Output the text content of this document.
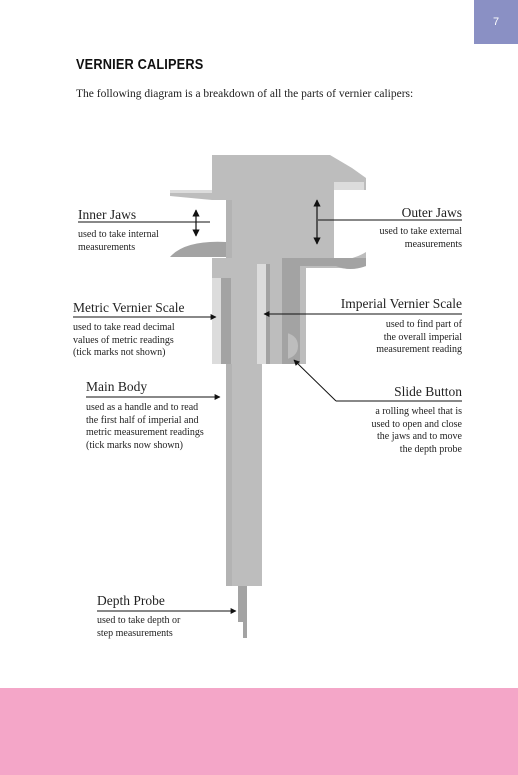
7
VERNIER CALIPERS
The following diagram is a breakdown of all the parts of vernier calipers:
Inner Jaws
used to take internal
measurements
Outer Jaws
used to take external
measurements
Metric Vernier Scale
used to take read decimal
values of metric readings
(tick marks not shown)
Imperial Vernier Scale
used to find part of
the overall imperial
measurement reading
Main Body
used as a handle and to read
the first half of imperial and
metric measurement readings
(tick marks now shown)
Slide Button
a rolling wheel that is
used to open and close
the jaws and to move
the depth probe
Depth Probe
used to take depth or
step measurements
